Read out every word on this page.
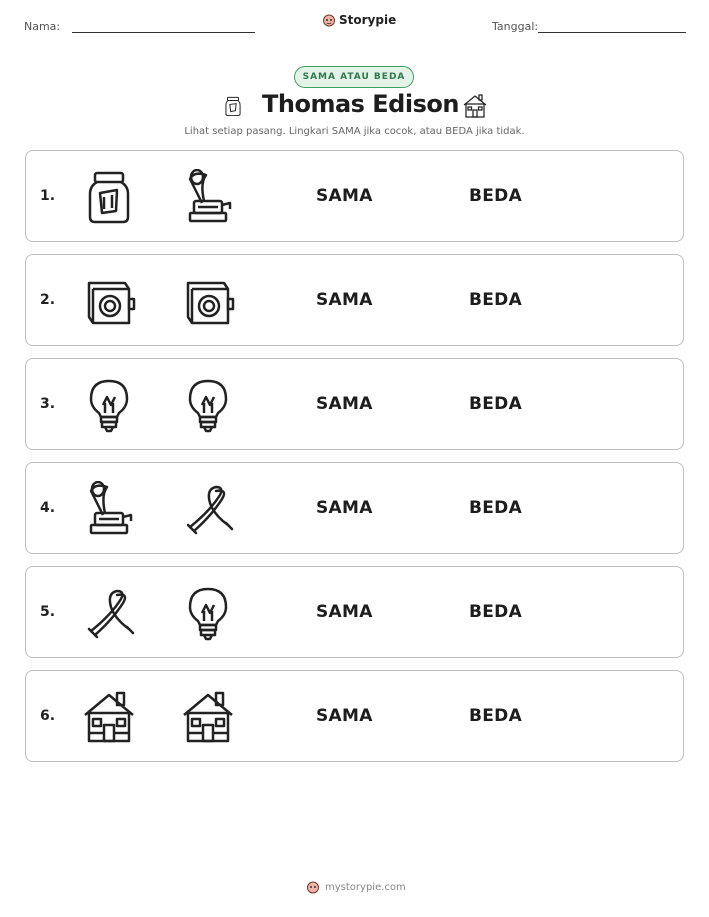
Nama:	Storypie	Tanggal:
SAMA ATAU BEDA
Thomas Edison
Lihat setiap pasang. Lingkari SAMA jika cocok, atau BEDA jika tidak.
1.	SAMA	BEDA
2.	SAMA	BEDA
3.	SAMA	BEDA
4.	SAMA	BEDA
5.	SAMA	BEDA
6.	SAMA	BEDA
mystorypie.com
